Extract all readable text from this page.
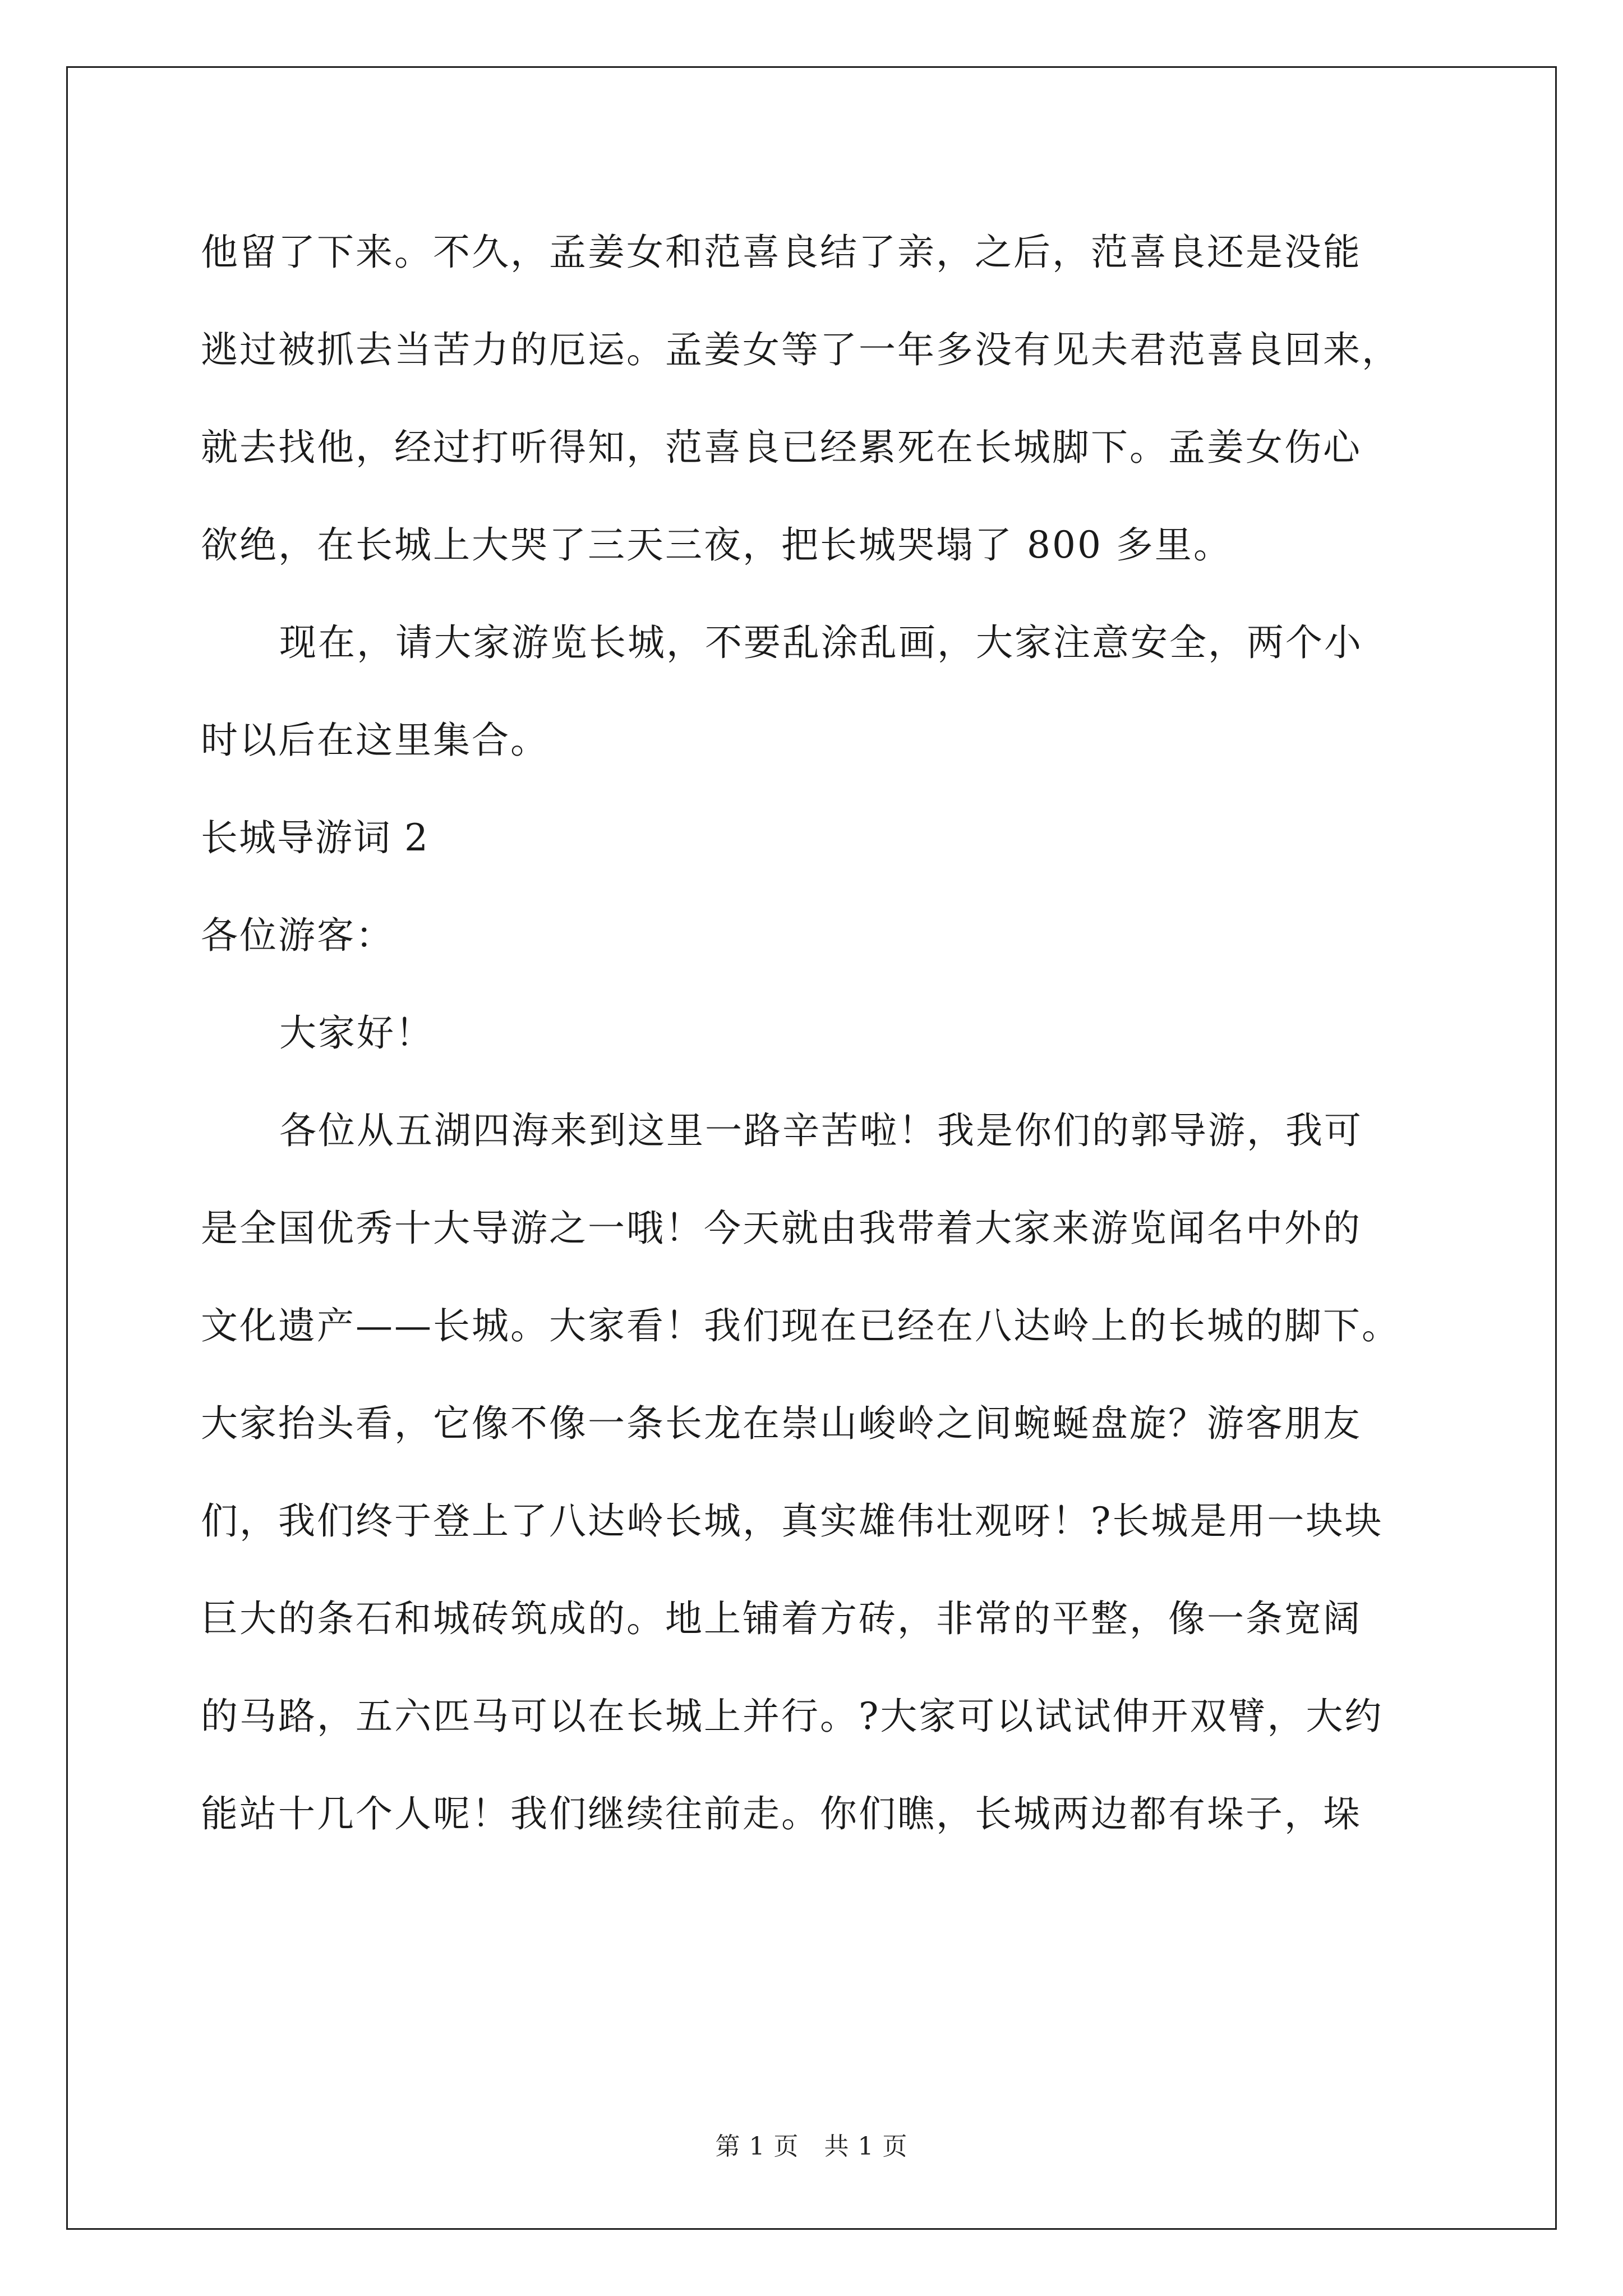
他留了下来。不久，孟姜女和范喜良结了亲，之后，范喜良还是没能
逃过被抓去当苦力的厄运。孟姜女等了一年多没有见夫君范喜良回来，
就去找他，经过打听得知，范喜良已经累死在长城脚下。孟姜女伤心
欲绝，在长城上大哭了三天三夜，把长城哭塌了 800 多里。
现在，请大家游览长城，不要乱涂乱画，大家注意安全，两个小
时以后在这里集合。
长城导游词 2
各位游客：
大家好！
各位从五湖四海来到这里一路辛苦啦！我是你们的郭导游，我可
是全国优秀十大导游之一哦！今天就由我带着大家来游览闻名中外的
文化遗产——长城。大家看！我们现在已经在八达岭上的长城的脚下。
大家抬头看，它像不像一条长龙在崇山峻岭之间蜿蜒盘旋？游客朋友
们，我们终于登上了八达岭长城，真实雄伟壮观呀！?长城是用一块块
巨大的条石和城砖筑成的。地上铺着方砖，非常的平整，像一条宽阔
的马路，五六匹马可以在长城上并行。?大家可以试试伸开双臂，大约
能站十几个人呢！我们继续往前走。你们瞧，长城两边都有垛子，垛
第 1 页　共 1 页
